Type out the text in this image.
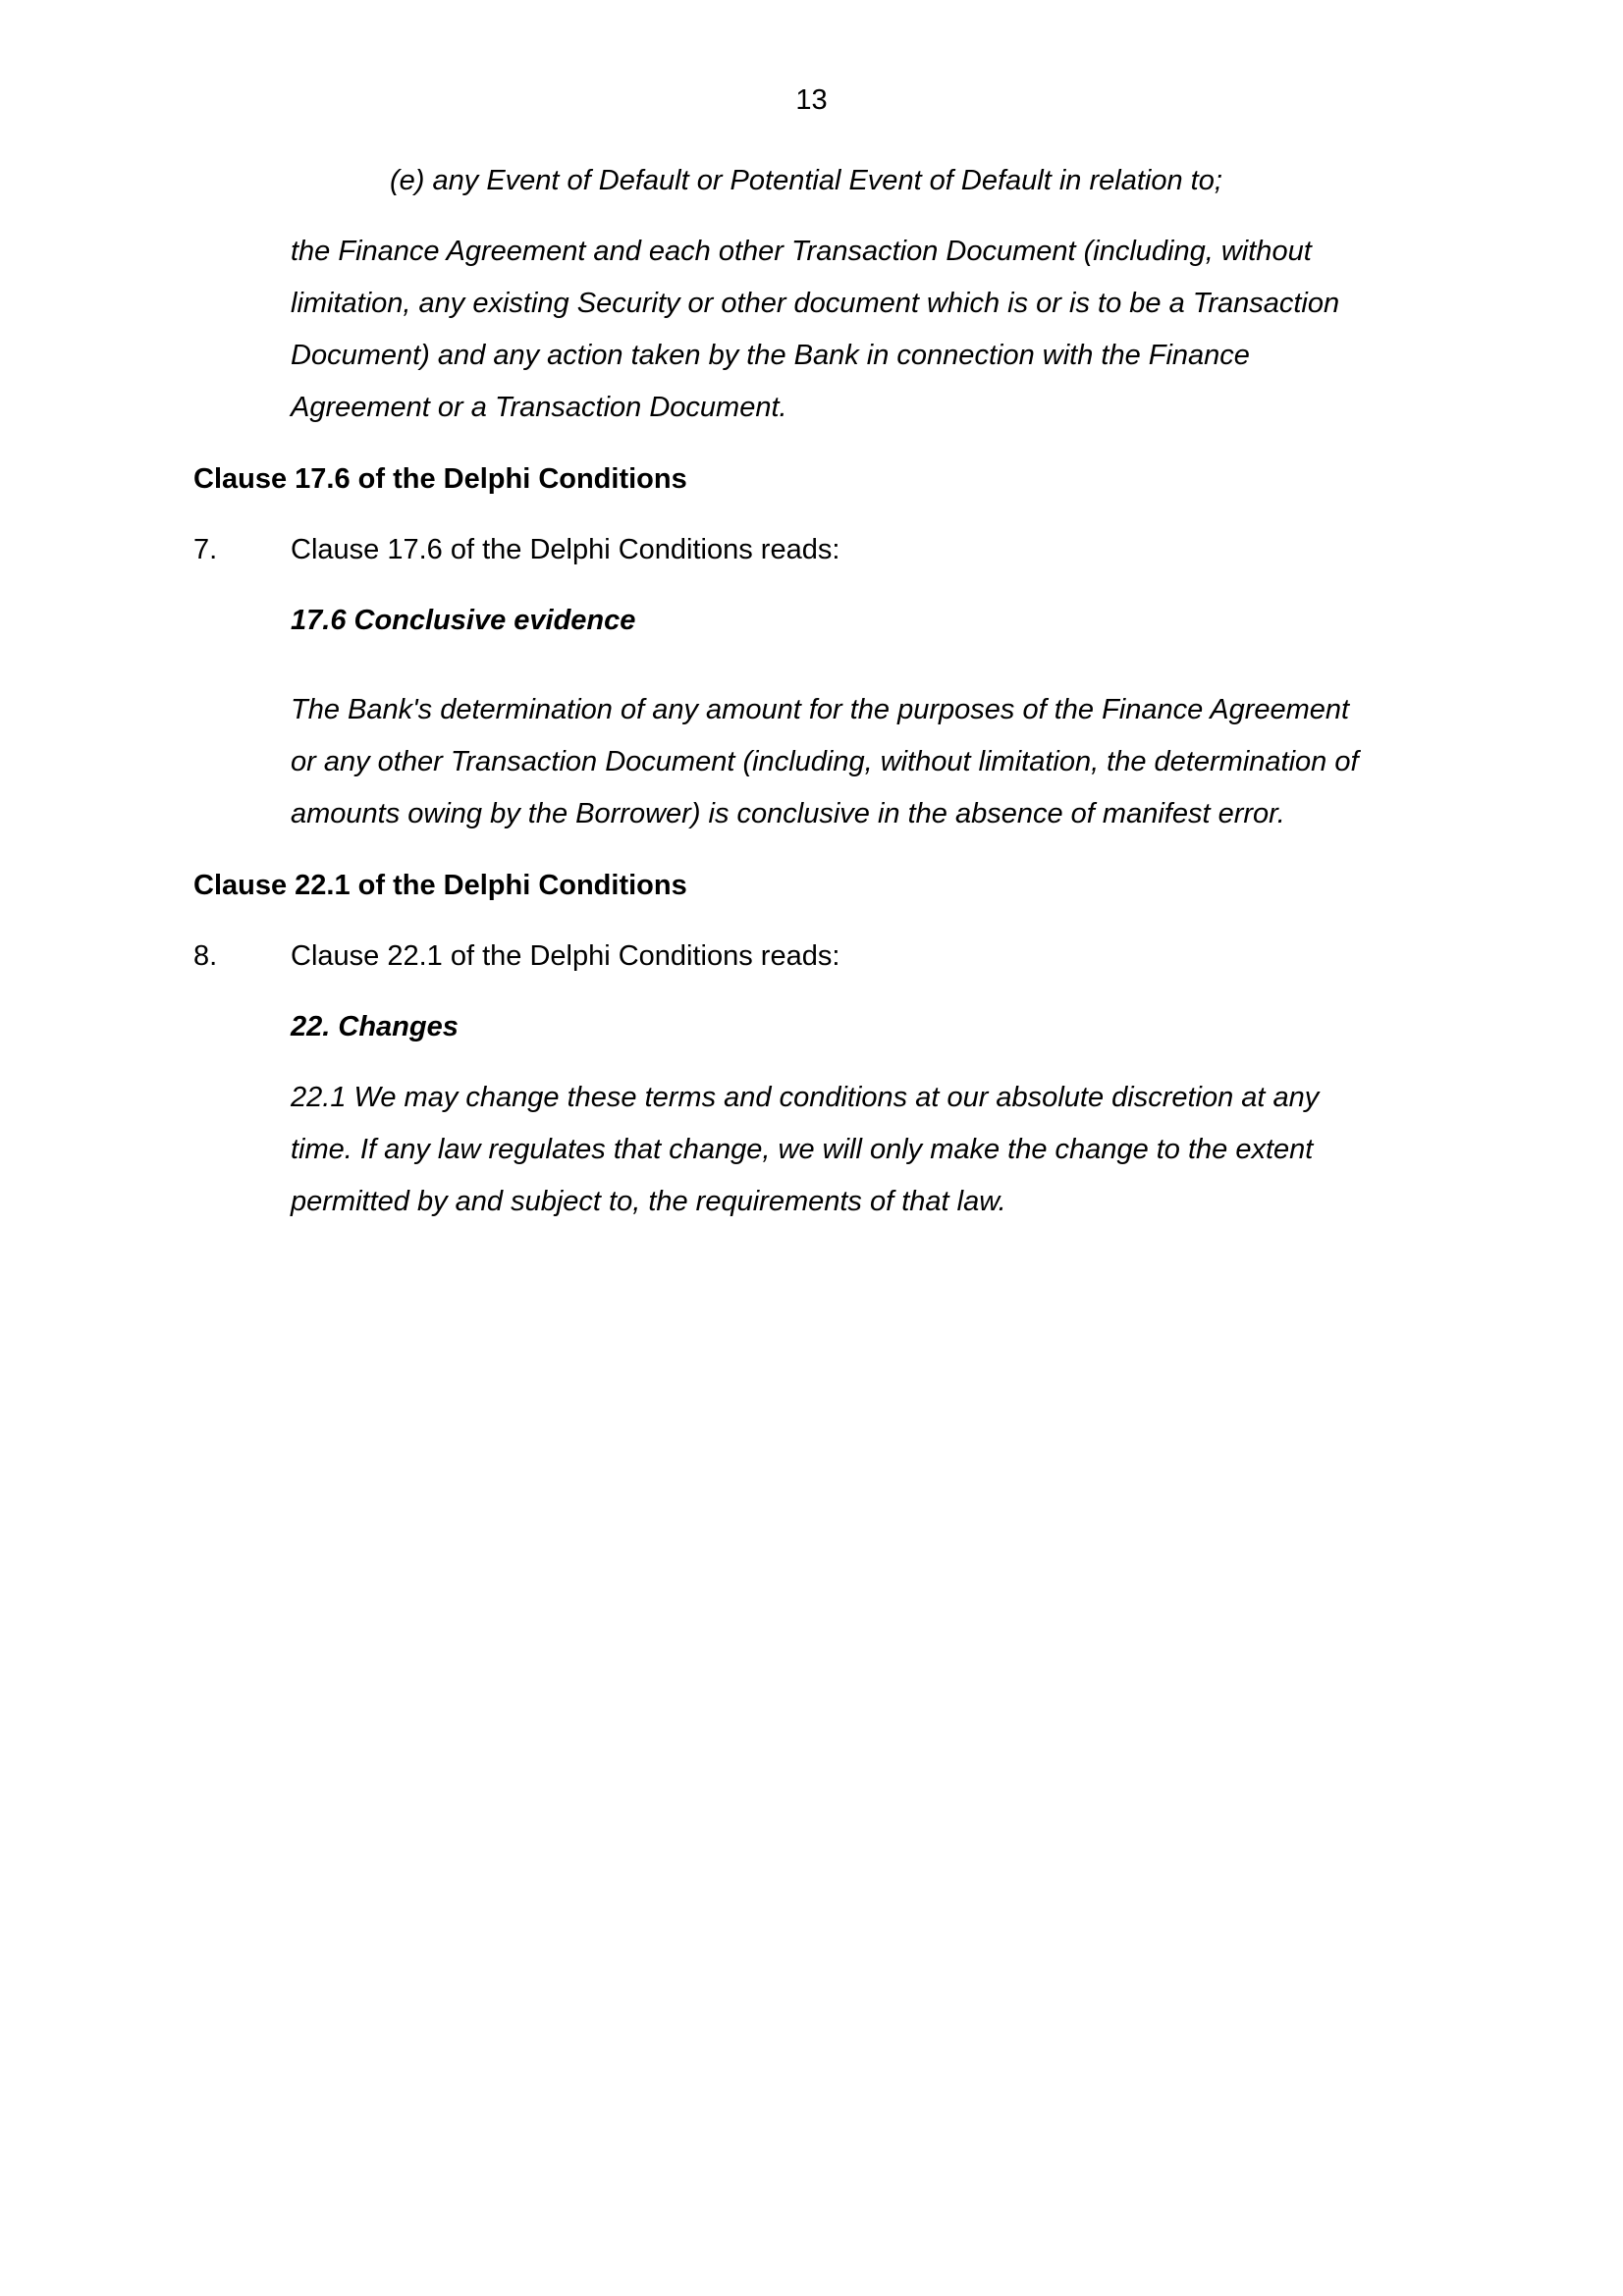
13
(e) any Event of Default or Potential Event of Default in relation to;
the Finance Agreement and each other Transaction Document (including, without
limitation, any existing Security or other document which is or is to be a Transaction
Document) and any action taken by the Bank in connection with the Finance
Agreement or a Transaction Document.
Clause 17.6 of the Delphi Conditions
7.	Clause 17.6 of the Delphi Conditions reads:
17.6 Conclusive evidence
The Bank's determination of any amount for the purposes of the Finance Agreement
or any other Transaction Document (including, without limitation, the determination of
amounts owing by the Borrower) is conclusive in the absence of manifest error.
Clause 22.1 of the Delphi Conditions
8.	Clause 22.1 of the Delphi Conditions reads:
22. Changes
22.1 We may change these terms and conditions at our absolute discretion at any
time. If any law regulates that change, we will only make the change to the extent
permitted by and subject to, the requirements of that law.
